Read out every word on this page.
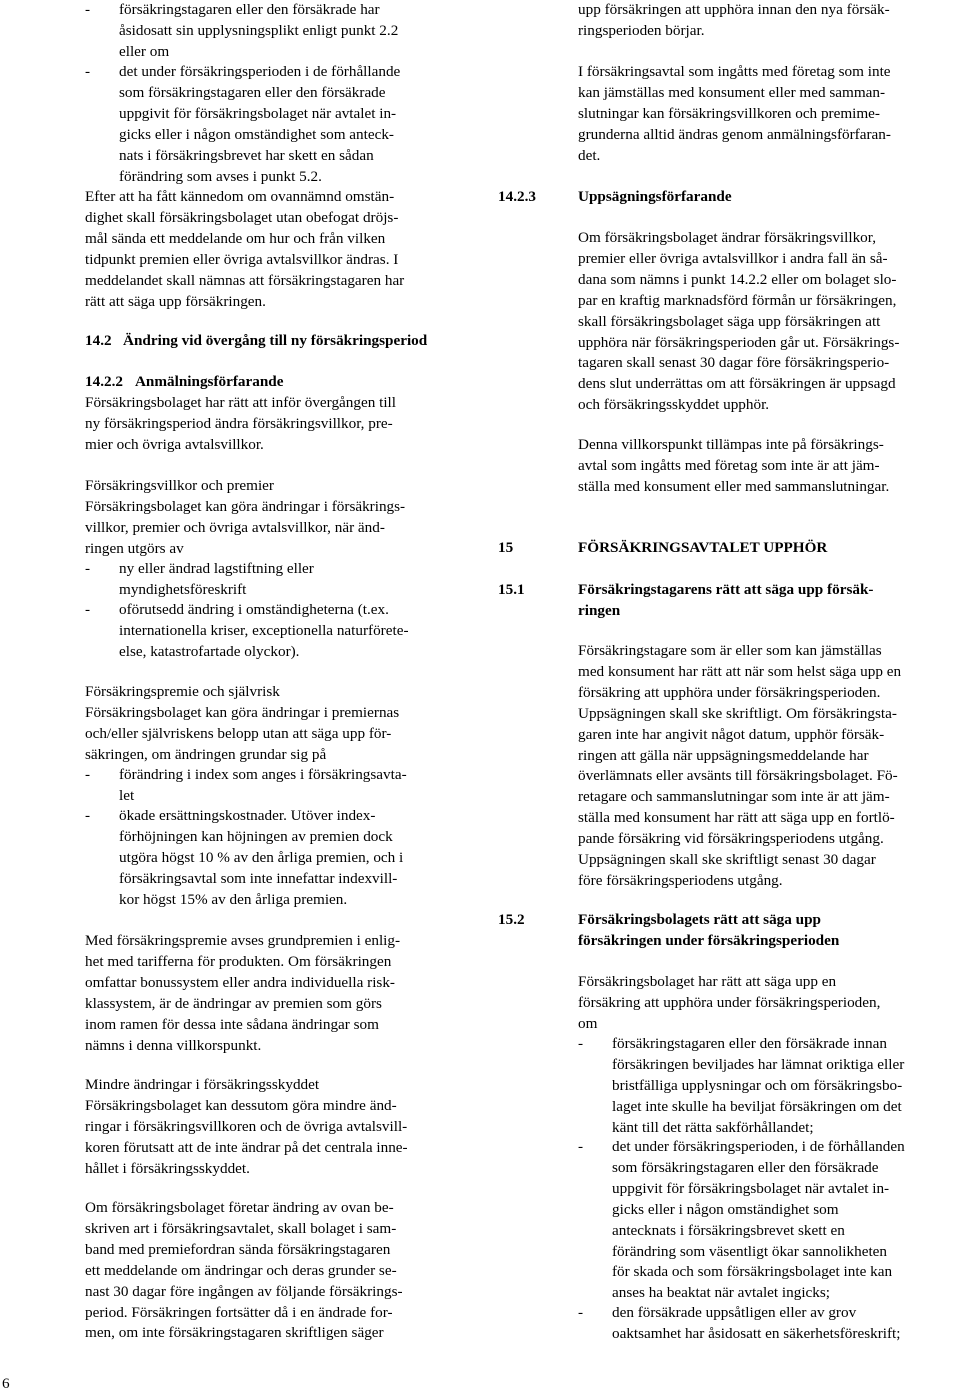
- försäkringstagaren eller den försäkrade har
åsidosatt sin upplysningsplikt enligt punkt 2.2
eller om
- det under försäkringsperioden i de förhållande
som försäkringstagaren eller den försäkrade
uppgivit för försäkringsbolaget när avtalet in-
gicks eller i någon omständighet som anteck-
nats i försäkringsbrevet har skett en sådan
förändring som avses i punkt 5.2.
Efter att ha fått kännedom om ovannämnd omstän-
dighet skall försäkringsbolaget utan obefogat dröjs-
mål sända ett meddelande om hur och från vilken
tidpunkt premien eller övriga avtalsvillkor ändras. I
meddelandet skall nämnas att försäkringstagaren har
rätt att säga upp försäkringen.
14.2 Ändring vid övergång till ny försäkringsperiod
14.2.2 Anmälningsförfarande
Försäkringsbolaget har rätt att inför övergången till
ny försäkringsperiod ändra försäkringsvillkor, pre-
mier och övriga avtalsvillkor.
Försäkringsvillkor och premier
Försäkringsbolaget kan göra ändringar i försäkrings-
villkor, premier och övriga avtalsvillkor, när änd-
ringen utgörs av
- ny eller ändrad lagstiftning eller
myndighetsföreskrift
- oförutsedd ändring i omständigheterna (t.ex.
internationella kriser, exceptionella naturförete-
else, katastrofartade olyckor).
Försäkringspremie och självrisk
Försäkringsbolaget kan göra ändringar i premiernas
och/eller självriskens belopp utan att säga upp för-
säkringen, om ändringen grundar sig på
- förändring i index som anges i försäkringsavta-
let
- ökade ersättningskostnader. Utöver index-
förhöjningen kan höjningen av premien dock
utgöra högst 10 % av den årliga premien, och i
försäkringsavtal som inte innefattar indexvill-
kor högst 15% av den årliga premien.
Med försäkringspremie avses grundpremien i enlig-
het med tarifferna för produkten. Om försäkringen
omfattar bonussystem eller andra individuella risk-
klassystem, är de ändringar av premien som görs
inom ramen för dessa inte sådana ändringar som
nämns i denna villkorspunkt.
Mindre ändringar i försäkringsskyddet
Försäkringsbolaget kan dessutom göra mindre änd-
ringar i försäkringsvillkoren och de övriga avtalsvill-
koren förutsatt att de inte ändrar på det centrala inne-
hållet i försäkringsskyddet.
Om försäkringsbolaget företar ändring av ovan be-
skriven art i försäkringsavtalet, skall bolaget i sam-
band med premiefordran sända försäkringstagaren
ett meddelande om ändringar och deras grunder se-
nast 30 dagar före ingången av följande försäkrings-
period. Försäkringen fortsätter då i en ändrade for-
men, om inte försäkringstagaren skriftligen säger
upp försäkringen att upphöra innan den nya försäk-
ringsperioden börjar.
I försäkringsavtal som ingåtts med företag som inte
kan jämställas med konsument eller med samman-
slutningar kan försäkringsvillkoren och premime-
grunderna alltid ändras genom anmälningsförfaran-
det.
14.2.3	Uppsägningsförfarande
Om försäkringsbolaget ändrar försäkringsvillkor,
premier eller övriga avtalsvillkor i andra fall än så-
dana som nämns i punkt 14.2.2 eller om bolaget slo-
par en kraftig marknadsförd förmån ur försäkringen,
skall försäkringsbolaget säga upp försäkringen att
upphöra när försäkringsperioden går ut. Försäkrings-
tagaren skall senast 30 dagar före försäkringsperio-
dens slut underrättas om att försäkringen är uppsagd
och försäkringsskyddet upphör.
Denna villkorspunkt tillämpas inte på försäkrings-
avtal som ingåtts med företag som inte är att jäm-
ställa med konsument eller med sammanslutningar.
15	FÖRSÄKRINGSAVTALET UPPHÖR
15.1	Försäkringstagarens rätt att säga upp försäk-
ringen
Försäkringstagare som är eller som kan jämställas
med konsument har rätt att när som helst säga upp en
försäkring att upphöra under försäkringsperioden.
Uppsägningen skall ske skriftligt. Om försäkringsta-
garen inte har angivit något datum, upphör försäk-
ringen att gälla när uppsägningsmeddelande har
överlämnats eller avsänts till försäkringsbolaget. Fö-
retagare och sammanslutningar som inte är att jäm-
ställa med konsument har rätt att säga upp en fortlö-
pande försäkring vid försäkringsperiodens utgång.
Uppsägningen skall ske skriftligt senast 30 dagar
före försäkringsperiodens utgång.
15.2	Försäkringsbolagets rätt att säga upp
försäkringen under försäkringsperioden
Försäkringsbolaget har rätt att säga upp en
försäkring att upphöra under försäkringsperioden,
om
- försäkringstagaren eller den försäkrade innan
försäkringen beviljades har lämnat oriktiga eller
bristfälliga upplysningar och om försäkringsbo-
laget inte skulle ha beviljat försäkringen om det
känt till det rätta sakförhållandet;
- det under försäkringsperioden, i de förhållanden
som försäkringstagaren eller den försäkrade
uppgivit för försäkringsbolaget när avtalet in-
gicks eller i någon omständighet som
antecknats i försäkringsbrevet skett en
förändring som väsentligt ökar sannolikheten
för skada och som försäkringsbolaget inte kan
anses ha beaktat när avtalet ingicks;
- den försäkrade uppsåtligen eller av grov
oaktsamhet har åsidosatt en säkerhetsföreskrift;
6
